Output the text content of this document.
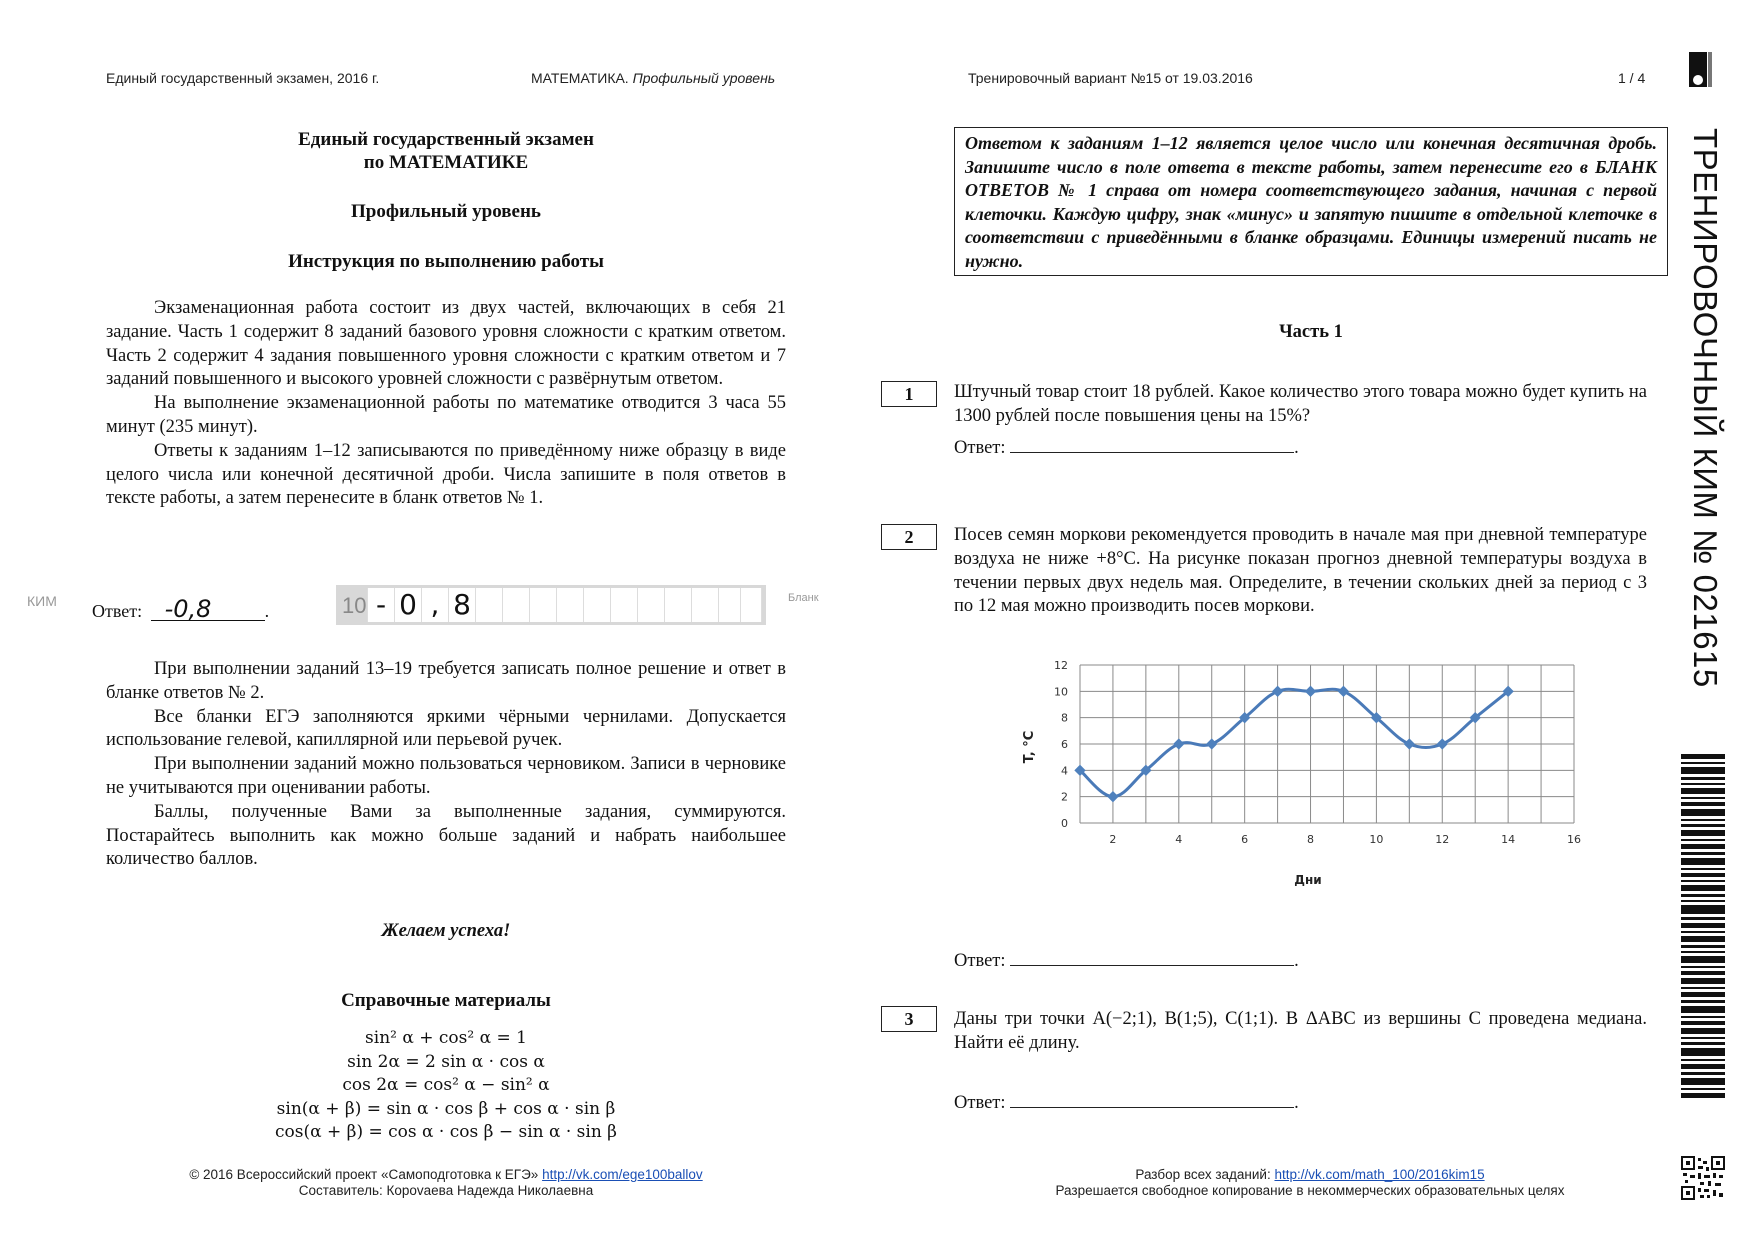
Единый государственный экзамен, 2016 г.	МАТЕМАТИКА. Профильный уровень	Тренировочный вариант №15 от 19.03.2016	1 / 4
ТРЕНИРОВОЧНЫЙ КИМ № 021615
Единый государственный экзамен
по МАТЕМАТИКЕ
Профильный уровень
Инструкция по выполнению работы

Экзаменационная работа состоит из двух частей, включающих в себя 21 задание. Часть 1 содержит 8 заданий базового уровня сложности с кратким ответом. Часть 2 содержит 4 задания повышенного уровня сложности с кратким ответом и 7 заданий повышенного и высокого уровней сложности с развёрнутым ответом.

На выполнение экзаменационной работы по математике отводится 3 часа 55 минут (235 минут).

Ответы к заданиям 1–12 записываются по приведённому ниже образцу в виде целого числа или конечной десятичной дроби. Числа запишите в поля ответов в тексте работы, а затем перенесите в бланк ответов № 1.

КИМ Ответ: -0,8	.	10 - 0 , 8	Бланк

При выполнении заданий 13–19 требуется записать полное решение и ответ в бланке ответов № 2.

Все бланки ЕГЭ заполняются яркими чёрными чернилами. Допускается использование гелевой, капиллярной или перьевой ручек.

При выполнении заданий можно пользоваться черновиком. Записи в черновике не учитываются при оценивании работы.

Баллы, полученные Вами за выполненные задания, суммируются. Постарайтесь выполнить как можно больше заданий и набрать наибольшее количество баллов.

Желаем успеха!
Справочные материалы
sin² α + cos² α = 1
sin 2α = 2 sin α · cos α
cos 2α = cos² α − sin² α
sin(α + β) = sin α · cos β + cos α · sin β
cos(α + β) = cos α · cos β − sin α · sin β
Ответом к заданиям 1–12 является целое число или конечная десятичная дробь. Запишите число в поле ответа в тексте работы, затем перенесите его в БЛАНК ОТВЕТОВ № 1 справа от номера соответствующего задания, начиная с первой клеточки. Каждую цифру, знак «минус» и запятую пишите в отдельной клеточке в соответствии с приведёнными в бланке образцами. Единицы измерений писать не нужно.
Часть 1
1	Штучный товар стоит 18 рублей. Какое количество этого товара можно будет купить на 1300 рублей после повышения цены на 15%?
Ответ:	.
2	Посев семян моркови рекомендуется проводить в начале мая при дневной температуре воздуха не ниже +8°C. На рисунке показан прогноз дневной температуры воздуха в течении первых двух недель мая. Определите, в течении скольких дней за период с 3 по 12 мая можно производить посев моркови.
0
2
4
6
8
10
12
2	4	6	8	10	12	14	16
T, °C
Дни
Ответ:	.
3	Даны три точки A(−2;1), B(1;5), C(1;1). В ΔABC из вершины C проведена медиана. Найти её длину.
Ответ:	.
© 2016 Всероссийский проект «Самоподготовка к ЕГЭ» http://vk.com/ege100ballov
Составитель: Корovaева Надежда Николаевна
Разбор всех заданий: http://vk.com/math_100/2016kim15
Разрешается свободное копирование в некоммерческих образовательных целях
